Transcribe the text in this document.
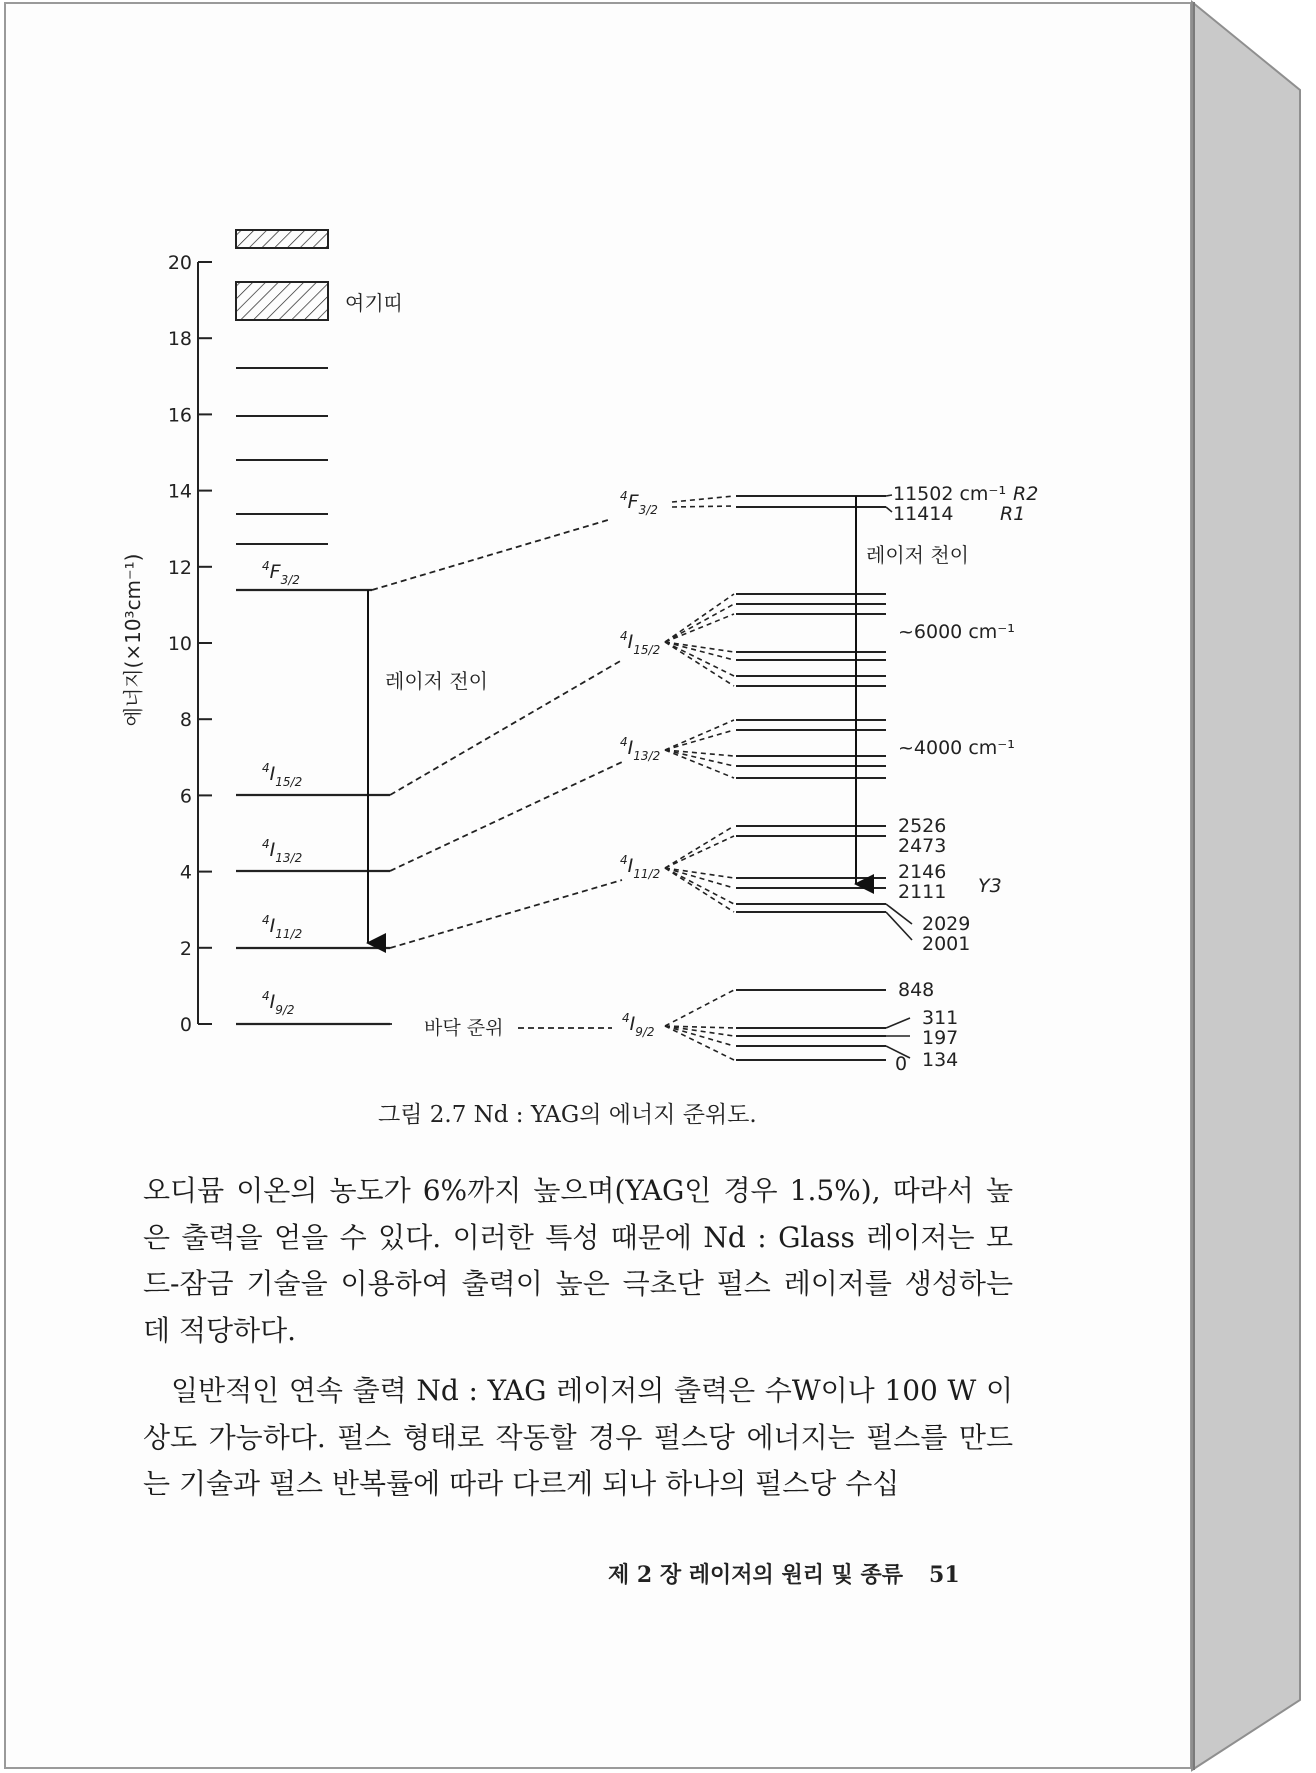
0
2
4
6
8
10
12
14
16
18
20
에너지(×10³cm⁻¹)
여기띠
$^4F_{3/2}$
$^4I_{15/2}$
$^4I_{13/2}$
$^4I_{11/2}$
$^4I_{9/2}$
레이저 전이
바닥 준위
$^4F_{3/2}$
$^4I_{15/2}$
$^4I_{13/2}$
$^4I_{11/2}$
$^4I_{9/2}$
레이저 천이
11502 cm⁻¹ R2
11414 R1
~6000 cm⁻¹
~4000 cm⁻¹
2526
2473
2146
2111 Y3
2029
2001
848
311
197
134
0
그림 2.7 Nd : YAG의 에너지 준위도.

오디뮴 이온의 농도가 6%까지 높으며(YAG인 경우 1.5%), 따라서 높은 출력을 얻을 수 있다. 이러한 특성 때문에 Nd : Glass 레이저는 모드-잠금 기술을 이용하여 출력이 높은 극초단 펄스 레이저를 생성하는 데 적당하다.

일반적인 연속 출력 Nd : YAG 레이저의 출력은 수W이나 100 W 이상도 가능하다. 펄스 형태로 작동할 경우 펄스당 에너지는 펄스를 만드는 기술과 펄스 반복률에 따라 다르게 되나 하나의 펄스당 수십

제 2 장 레이저의 원리 및 종류 51
